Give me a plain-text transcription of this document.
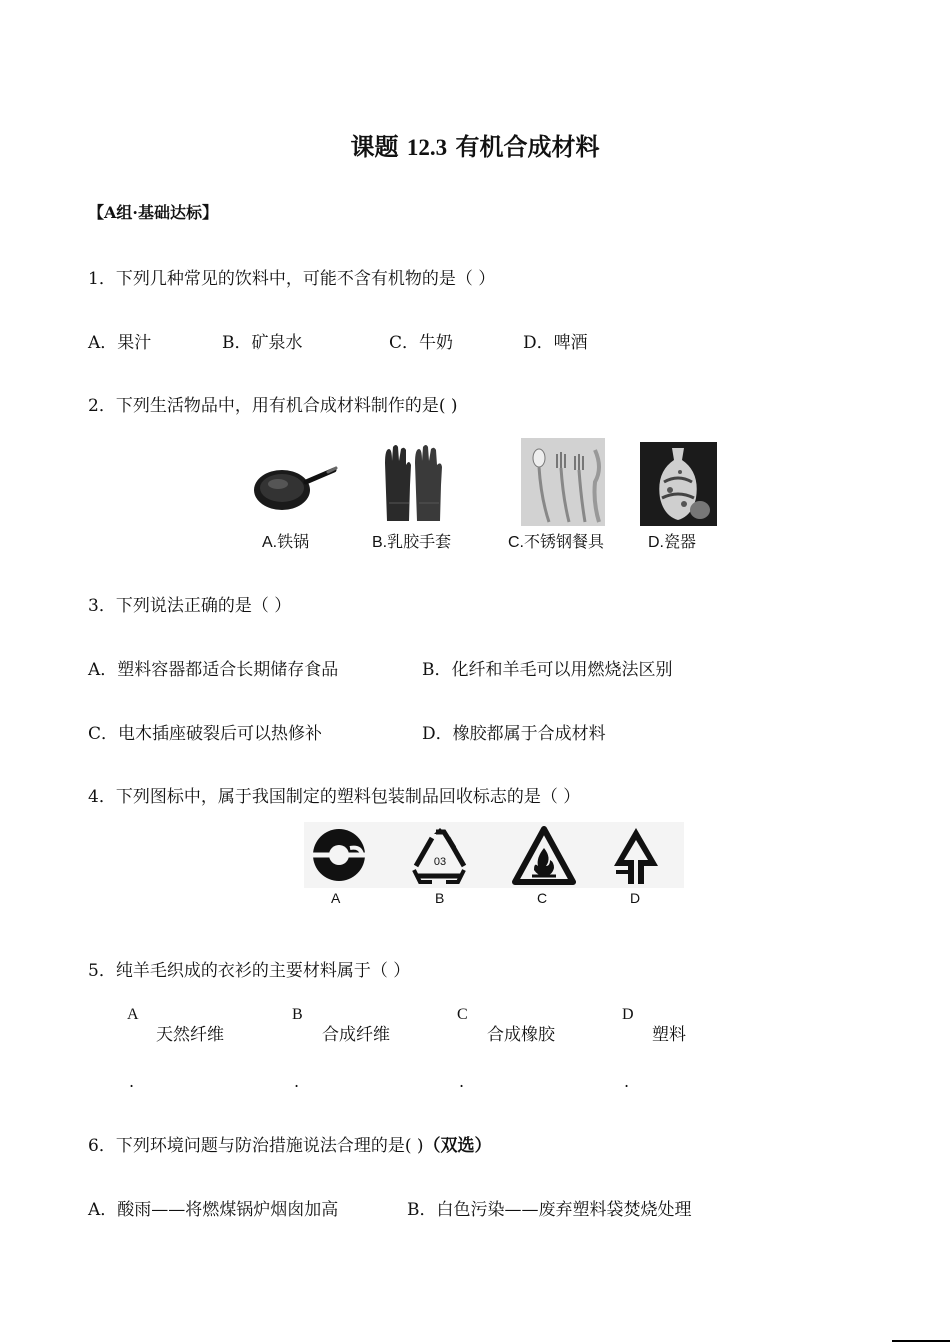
课题 12.3 有机合成材料
【A组·基础达标】
1．下列几种常见的饮料中，可能不含有机物的是（ ）
A．果汁	B．矿泉水	C．牛奶	D．啤酒
2．下列生活物品中，用有机合成材料制作的是( )
A.铁锅	B.乳胶手套	C.不锈钢餐具	D.瓷器
3．下列说法正确的是（ ）
A．塑料容器都适合长期储存食品	B．化纤和羊毛可以用燃烧法区别
C．电木插座破裂后可以热修补	D．橡胶都属于合成材料
4．下列图标中，属于我国制定的塑料包装制品回收标志的是（ ）
03
A	B	C	D
5．纯羊毛织成的衣衫的主要材料属于（ ）
A
天然纤维
.
B
合成纤维
.
C
合成橡胶
.
D
塑料
.
6．下列环境问题与防治措施说法合理的是( )（双选）
A．酸雨——将燃煤锅炉烟囱加高	B．白色污染——废弃塑料袋焚烧处理
